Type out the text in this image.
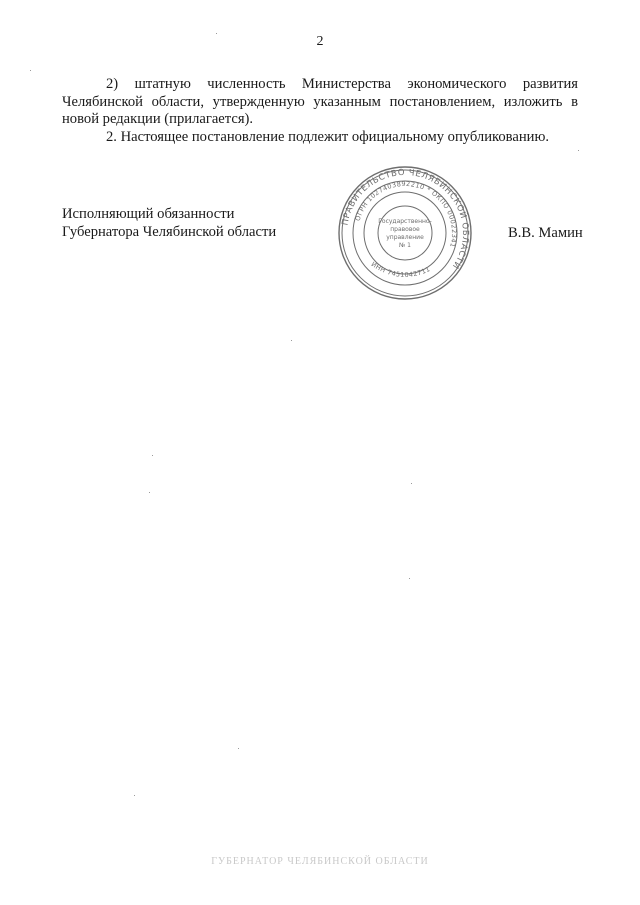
2

2) штатную численность Министерства экономического развития Челябинской области, утвержденную указанным постановлением, изложить в новой редакции (прилагается).

2. Настоящее постановление подлежит официальному опубликованию.

Исполняющий обязанности
Губернатора Челябинской области
ПРАВИТЕЛЬСТВО ЧЕЛЯБИНСКОЙ ОБЛАСТИ
ОГРН 1027403892210 * ОКПО 00022341
ИНН 7451042711
Государственно-
правовое
управление
№ 1
В.В. Мамин
ГУБЕРНАТОР ЧЕЛЯБИНСКОЙ ОБЛАСТИ
